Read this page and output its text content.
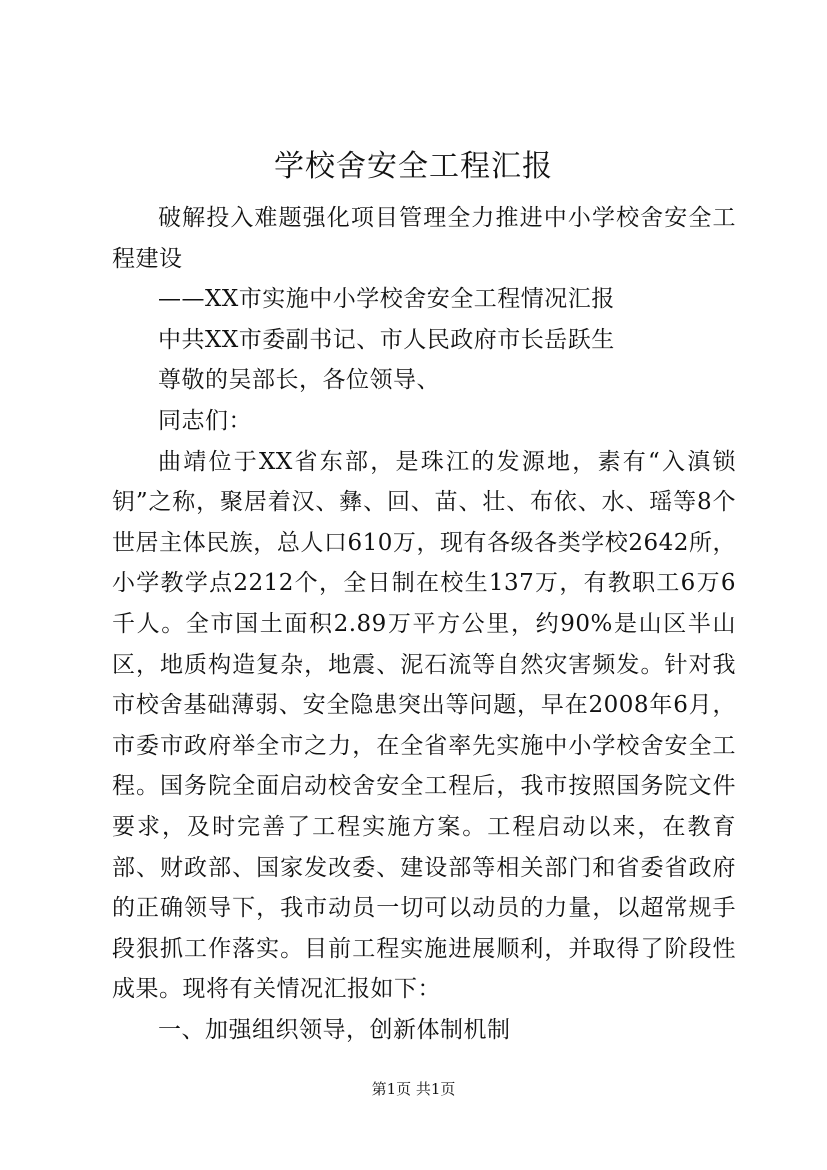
学校舍安全工程汇报

破解投入难题强化项目管理全力推进中小学校舍安全工程建设

——XX市实施中小学校舍安全工程情况汇报

中共XX市委副书记、市人民政府市长岳跃生

尊敬的吴部长，各位领导、

同志们：

曲靖位于XX省东部，是珠江的发源地，素有“入滇锁钥”之称，聚居着汉、彝、回、苗、壮、布依、水、瑶等8个世居主体民族，总人口610万，现有各级各类学校2642所，小学教学点2212个，全日制在校生137万，有教职工6万6千人。全市国土面积2.89万平方公里，约90%是山区半山区，地质构造复杂，地震、泥石流等自然灾害频发。针对我市校舍基础薄弱、安全隐患突出等问题，早在2008年6月，市委市政府举全市之力，在全省率先实施中小学校舍安全工程。国务院全面启动校舍安全工程后，我市按照国务院文件要求，及时完善了工程实施方案。工程启动以来，在教育部、财政部、国家发改委、建设部等相关部门和省委省政府的正确领导下，我市动员一切可以动员的力量，以超常规手段狠抓工作落实。目前工程实施进展顺利，并取得了阶段性成果。现将有关情况汇报如下：

一、加强组织领导，创新体制机制

第1页 共1页
